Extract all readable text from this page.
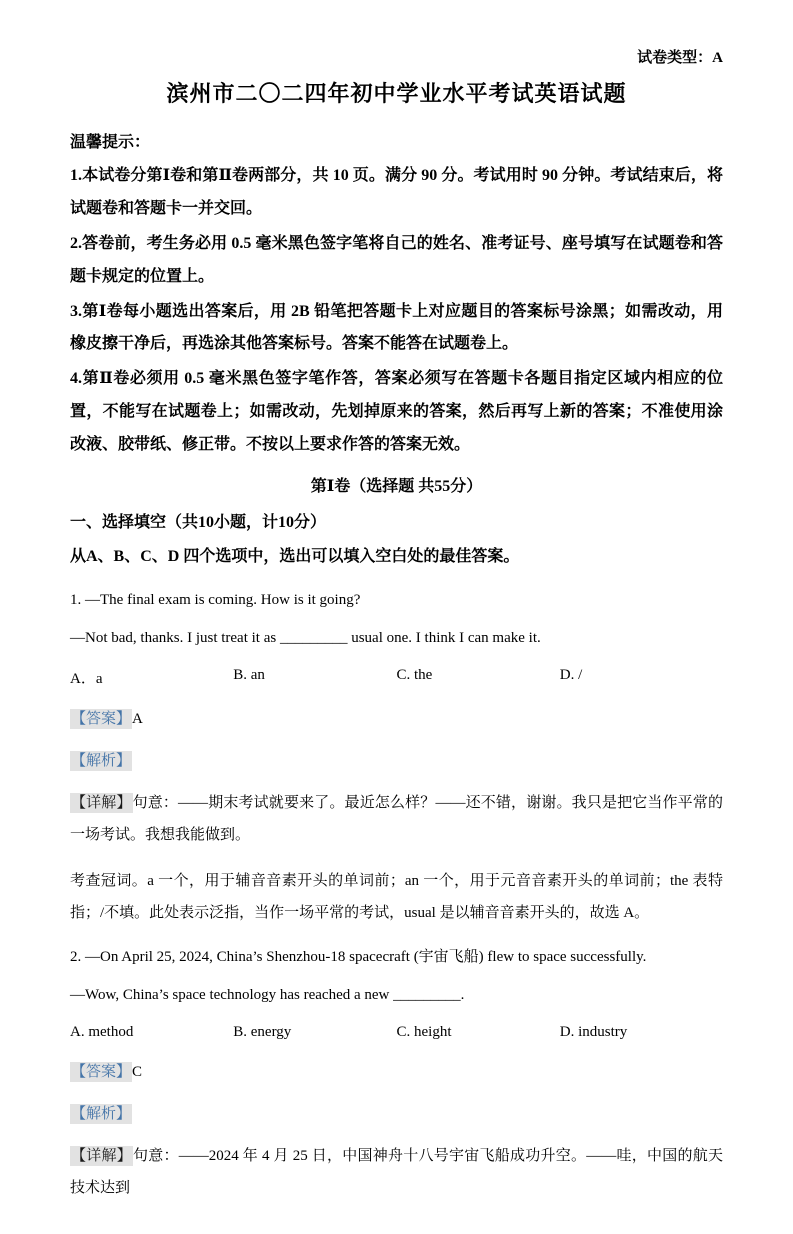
试卷类型：A

滨州市二〇二四年初中学业水平考试英语试题

温馨提示：

1.本试卷分第Ⅰ卷和第Ⅱ卷两部分，共 10 页。满分 90 分。考试用时 90 分钟。考试结束后，将试题卷和答题卡一并交回。

2.答卷前，考生务必用 0.5 毫米黑色签字笔将自己的姓名、准考证号、座号填写在试题卷和答题卡规定的位置上。

3.第Ⅰ卷每小题选出答案后，用 2B 铅笔把答题卡上对应题目的答案标号涂黑；如需改动，用橡皮擦干净后，再选涂其他答案标号。答案不能答在试题卷上。

4.第Ⅱ卷必须用 0.5 毫米黑色签字笔作答，答案必须写在答题卡各题目指定区域内相应的位置，不能写在试题卷上；如需改动，先划掉原来的答案，然后再写上新的答案；不准使用涂改液、胶带纸、修正带。不按以上要求作答的答案无效。

第Ⅰ卷（选择题 共55分）

一、选择填空（共10小题，计10分）

从A、B、C、D 四个选项中，选出可以填入空白处的最佳答案。

1. —The final exam is coming. How is it going?

—Not bad, thanks. I just treat it as _________ usual one. I think I can make it.

A．a	B. an	C. the	D. /

【答案】A

【解析】

【详解】句意：——期末考试就要来了。最近怎么样？——还不错，谢谢。我只是把它当作平常的一场考试。我想我能做到。

考查冠词。a 一个，用于辅音音素开头的单词前；an 一个，用于元音音素开头的单词前；the 表特指；/不填。此处表示泛指，当作一场平常的考试，usual 是以辅音音素开头的，故选 A。

2. —On April 25, 2024, China’s Shenzhou-18 spacecraft (宇宙飞船) flew to space successfully.

—Wow, China’s space technology has reached a new _________.

A. method	B. energy	C. height	D. industry

【答案】C

【解析】

【详解】句意：——2024 年 4 月 25 日，中国神舟十八号宇宙飞船成功升空。——哇，中国的航天技术达到
